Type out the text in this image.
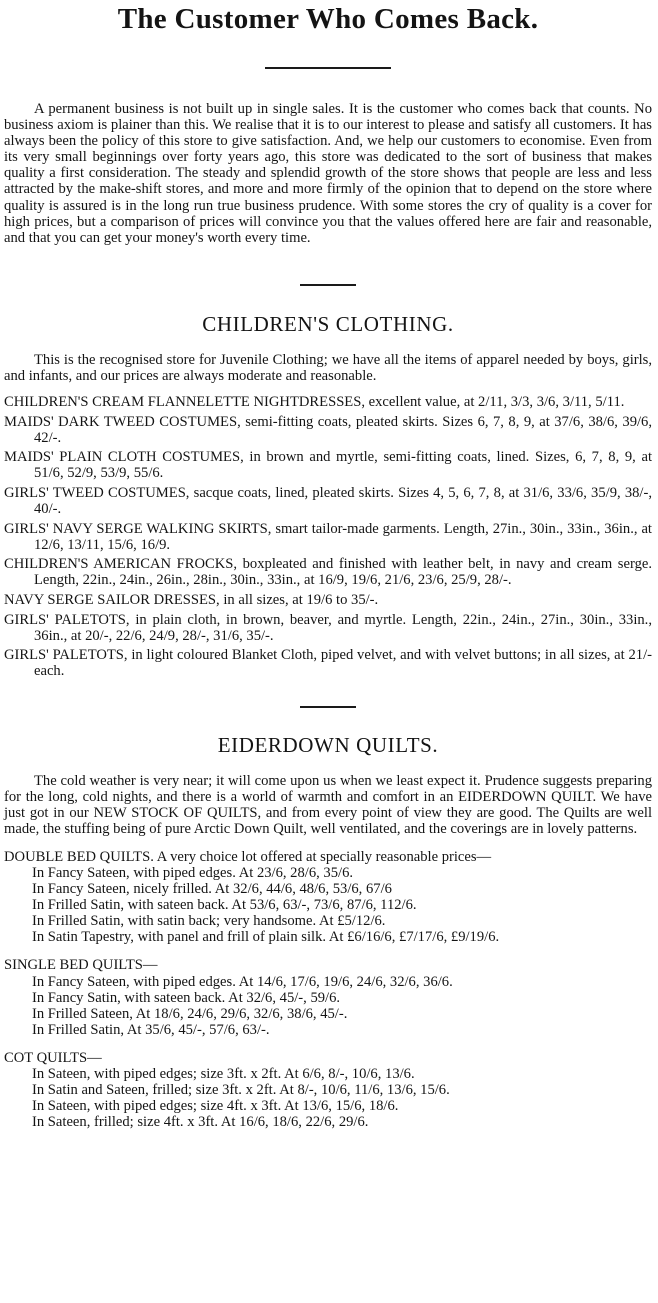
The Customer Who Comes Back.

A permanent business is not built up in single sales. It is the customer who comes back that counts. No business axiom is plainer than this. We realise that it is to our interest to please and satisfy all customers. It has always been the policy of this store to give satisfaction. And, we help our customers to economise. Even from its very small beginnings over forty years ago, this store was dedicated to the sort of business that makes quality a first consideration. The steady and splendid growth of the store shows that people are less and less attracted by the make-shift stores, and more and more firmly of the opinion that to depend on the store where quality is assured is in the long run true business prudence. With some stores the cry of quality is a cover for high prices, but a comparison of prices will convince you that the values offered here are fair and reasonable, and that you can get your money's worth every time.

CHILDREN'S CLOTHING.

This is the recognised store for Juvenile Clothing; we have all the items of apparel needed by boys, girls, and infants, and our prices are always moderate and reasonable.

CHILDREN'S CREAM FLANNELETTE NIGHTDRESSES, excellent value, at 2/11, 3/3, 3/6, 3/11, 5/11.
MAIDS' DARK TWEED COSTUMES, semi-fitting coats, pleated skirts. Sizes 6, 7, 8, 9, at 37/6, 38/6, 39/6, 42/-.
MAIDS' PLAIN CLOTH COSTUMES, in brown and myrtle, semi-fitting coats, lined. Sizes, 6, 7, 8, 9, at 51/6, 52/9, 53/9, 55/6.
GIRLS' TWEED COSTUMES, sacque coats, lined, pleated skirts. Sizes 4, 5, 6, 7, 8, at 31/6, 33/6, 35/9, 38/-, 40/-.
GIRLS' NAVY SERGE WALKING SKIRTS, smart tailor-made garments. Length, 27in., 30in., 33in., 36in., at 12/6, 13/11, 15/6, 16/9.
CHILDREN'S AMERICAN FROCKS, boxpleated and finished with leather belt, in navy and cream serge. Length, 22in., 24in., 26in., 28in., 30in., 33in., at 16/9, 19/6, 21/6, 23/6, 25/9, 28/-.
NAVY SERGE SAILOR DRESSES, in all sizes, at 19/6 to 35/-.
GIRLS' PALETOTS, in plain cloth, in brown, beaver, and myrtle. Length, 22in., 24in., 27in., 30in., 33in., 36in., at 20/-, 22/6, 24/9, 28/-, 31/6, 35/-.
GIRLS' PALETOTS, in light coloured Blanket Cloth, piped velvet, and with velvet buttons; in all sizes, at 21/- each.
EIDERDOWN QUILTS.

The cold weather is very near; it will come upon us when we least expect it. Prudence suggests preparing for the long, cold nights, and there is a world of warmth and comfort in an EIDERDOWN QUILT. We have just got in our NEW STOCK OF QUILTS, and from every point of view they are good. The Quilts are well made, the stuffing being of pure Arctic Down Quilt, well ventilated, and the coverings are in lovely patterns.

DOUBLE BED QUILTS. A very choice lot offered at specially reasonable prices—

In Fancy Sateen, with piped edges. At 23/6, 28/6, 35/6.
In Fancy Sateen, nicely frilled. At 32/6, 44/6, 48/6, 53/6, 67/6
In Frilled Satin, with sateen back. At 53/6, 63/-, 73/6, 87/6, 112/6.
In Frilled Satin, with satin back; very handsome. At £5/12/6.
In Satin Tapestry, with panel and frill of plain silk. At £6/16/6, £7/17/6, £9/19/6.

SINGLE BED QUILTS—

In Fancy Sateen, with piped edges. At 14/6, 17/6, 19/6, 24/6, 32/6, 36/6.
In Fancy Satin, with sateen back. At 32/6, 45/-, 59/6.
In Frilled Sateen, At 18/6, 24/6, 29/6, 32/6, 38/6, 45/-.
In Frilled Satin, At 35/6, 45/-, 57/6, 63/-.

COT QUILTS—

In Sateen, with piped edges; size 3ft. x 2ft. At 6/6, 8/-, 10/6, 13/6.
In Satin and Sateen, frilled; size 3ft. x 2ft. At 8/-, 10/6, 11/6, 13/6, 15/6.
In Sateen, with piped edges; size 4ft. x 3ft. At 13/6, 15/6, 18/6.
In Sateen, frilled; size 4ft. x 3ft. At 16/6, 18/6, 22/6, 29/6.
